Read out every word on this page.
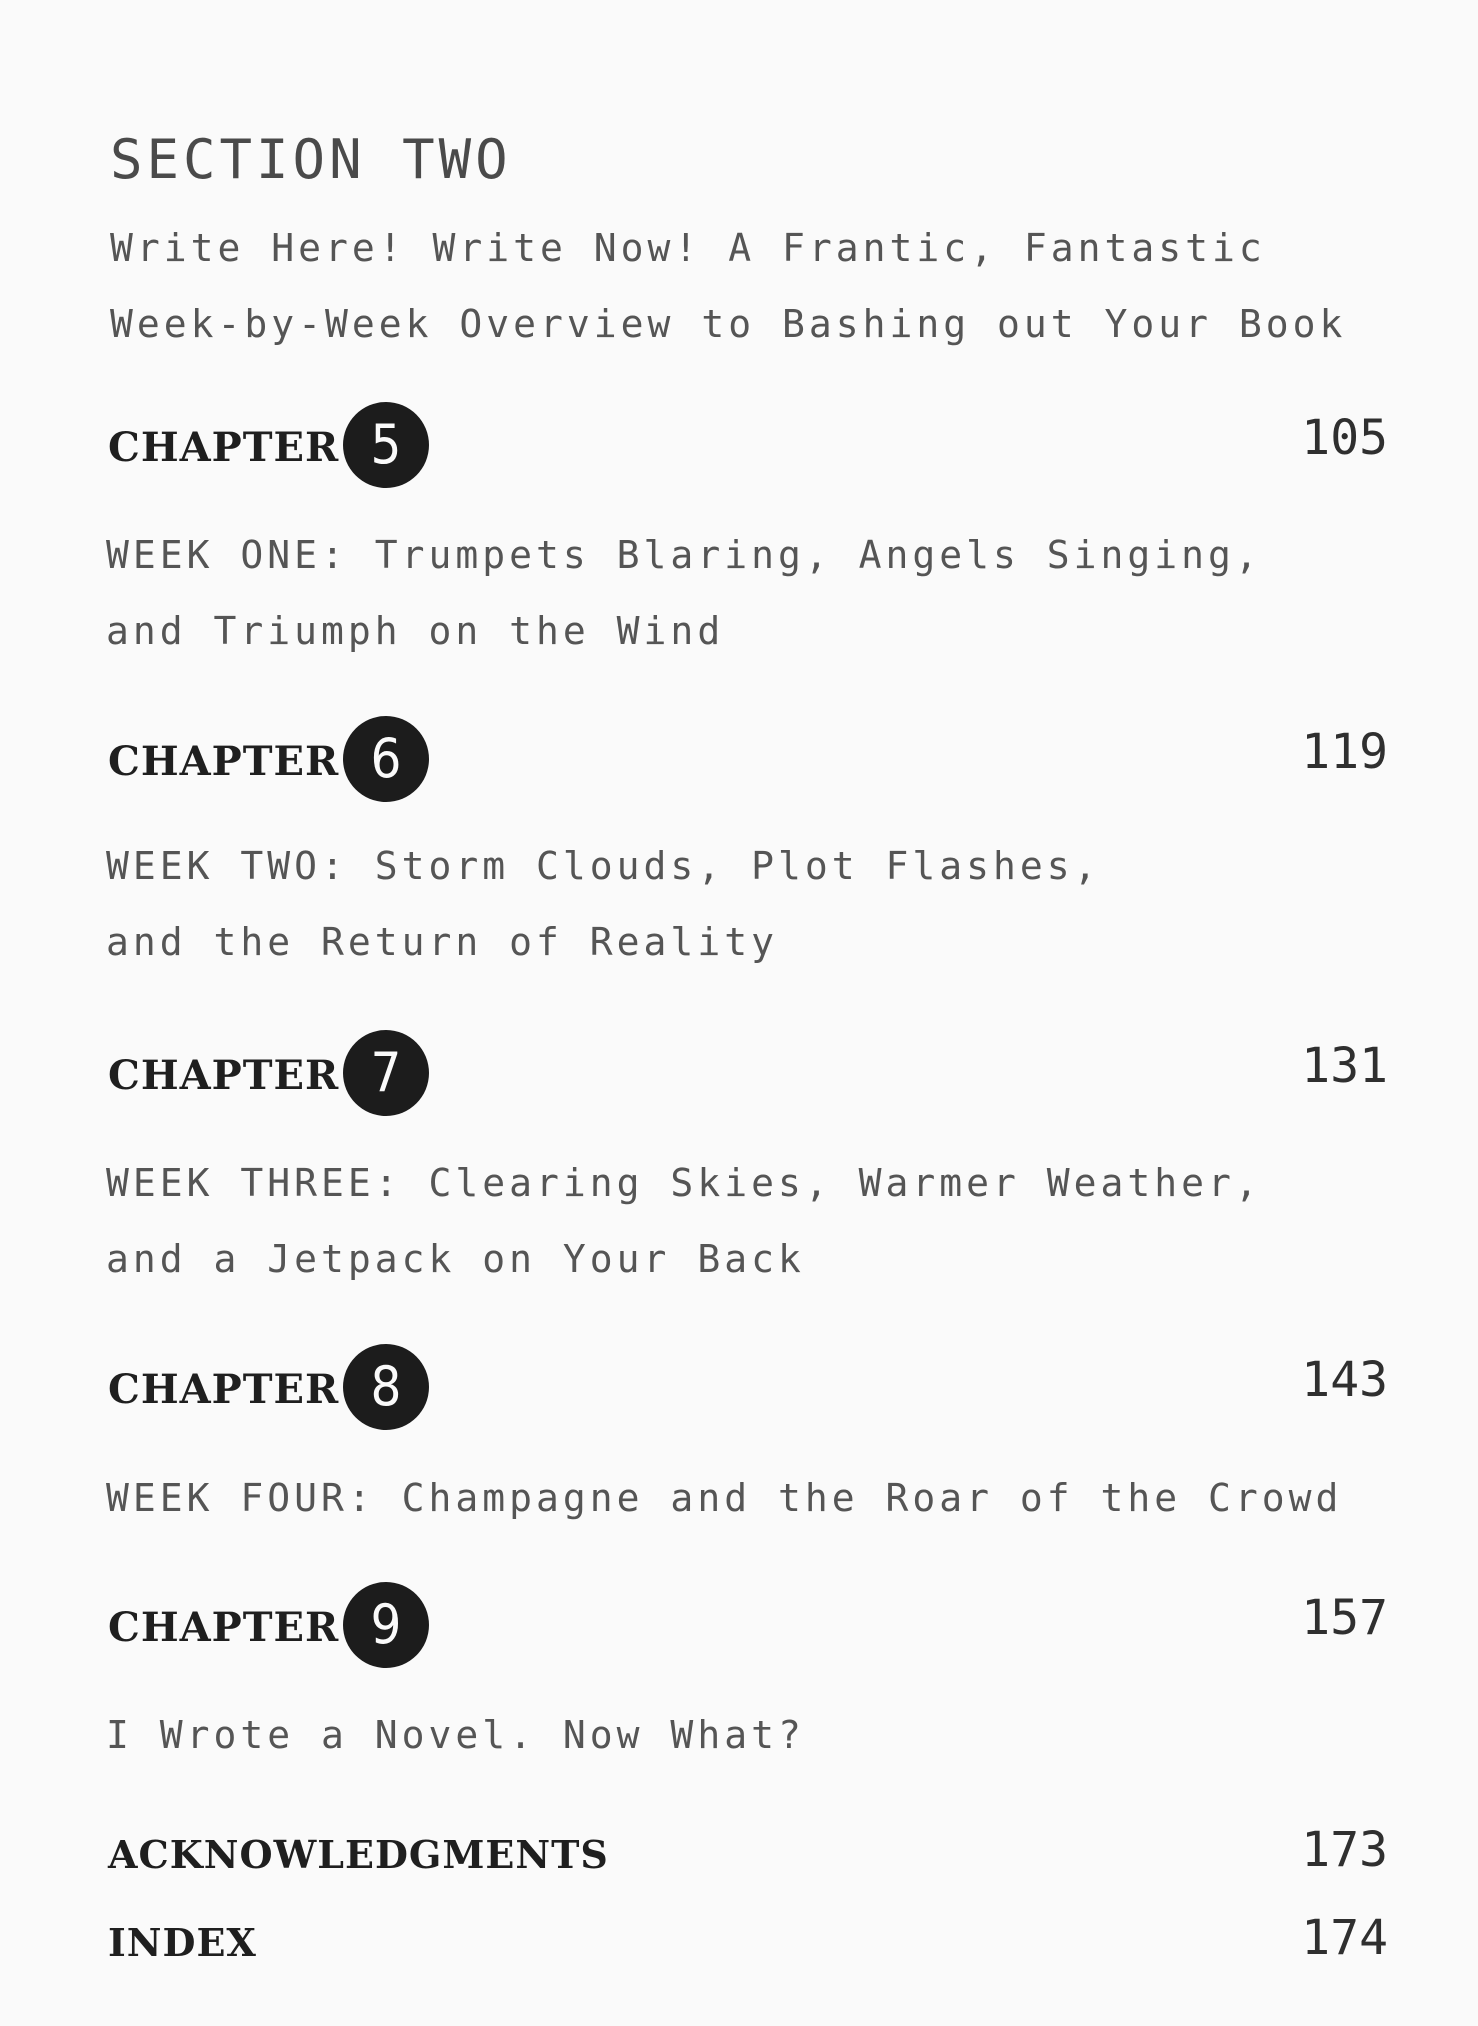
SECTION TWO
Write Here! Write Now! A Frantic, Fantastic
Week-by-Week Overview to Bashing out Your Book
CHAPTER 5	105
WEEK ONE: Trumpets Blaring, Angels Singing,
and Triumph on the Wind
CHAPTER 6	119
WEEK TWO: Storm Clouds, Plot Flashes,
and the Return of Reality
CHAPTER 7	131
WEEK THREE: Clearing Skies, Warmer Weather,
and a Jetpack on Your Back
CHAPTER 8	143
WEEK FOUR: Champagne and the Roar of the Crowd
CHAPTER 9	157
I Wrote a Novel. Now What?
ACKNOWLEDGMENTS	173
INDEX	174
